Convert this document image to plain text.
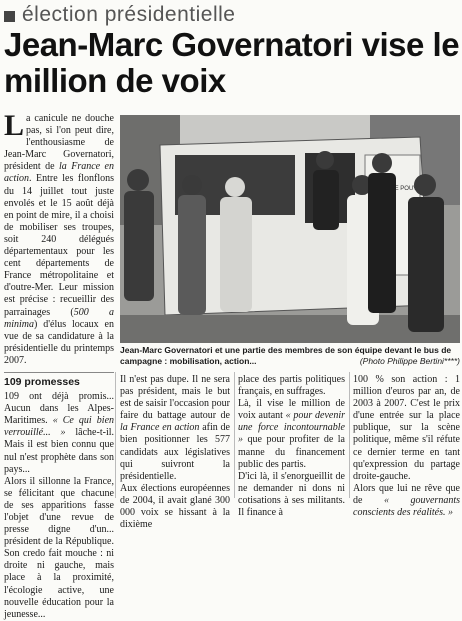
élection présidentielle
Jean-Marc Governatori vise le million de voix

La canicule ne douche pas, si l'on peut dire, l'enthousiasme de Jean-Marc Governatori, président de la France en action. Entre les flonflons du 14 juillet tout juste envolés et le 15 août déjà en point de mire, il a choisi de mobiliser ses troupes, soit 240 délégués départementaux pour les cent départements de France métropolitaine et d'outre-Mer. Leur mission est précise : recueillir des parrainages (500 a minima) d'élus locaux en vue de sa candidature à la présidentielle du printemps 2007.

109 promesses

109 ont déjà promis... Aucun dans les Alpes-Maritimes. « Ce qui bien verrouillé... » lâche-t-il. Mais il est bien connu que nul n'est prophète dans son pays...

Alors il sillonne la France, se félicitant que chacune de ses apparitions fasse l'objet d'une revue de presse digne d'un... président de la République. Son credo fait mouche : ni droite ni gauche, mais place à la proximité, l'écologie active, une nouvelle éducation pour la jeunesse...

POUVOIR
Jean-Marc Governatori et une partie des membres de son équipe devant le bus de campagne : mobilisation, action...	(Photo Philippe Bertini****)

Il n'est pas dupe. Il ne sera pas président, mais le but est de saisir l'occasion pour faire du battage autour de la France en action afin de bien positionner les 577 candidats aux législatives qui suivront la présidentielle.

Aux élections européennes de 2004, il avait glané 300 000 voix se hissant à la dixième

place des partis politiques français, en suffrages.

Là, il vise le million de voix autant « pour devenir une force incontournable » que pour profiter de la manne du financement public des partis.

D'ici là, il s'enorgueillit de ne demander ni dons ni cotisations à ses militants. Il finance à

100 % son action : 1 million d'euros par an, de 2003 à 2007. C'est le prix d'une entrée sur la place publique, sur la scène politique, même s'il réfute ce dernier terme en tant qu'expression du partage droite-gauche.

Alors que lui ne rêve que de « gouvernants conscients des réalités. »
